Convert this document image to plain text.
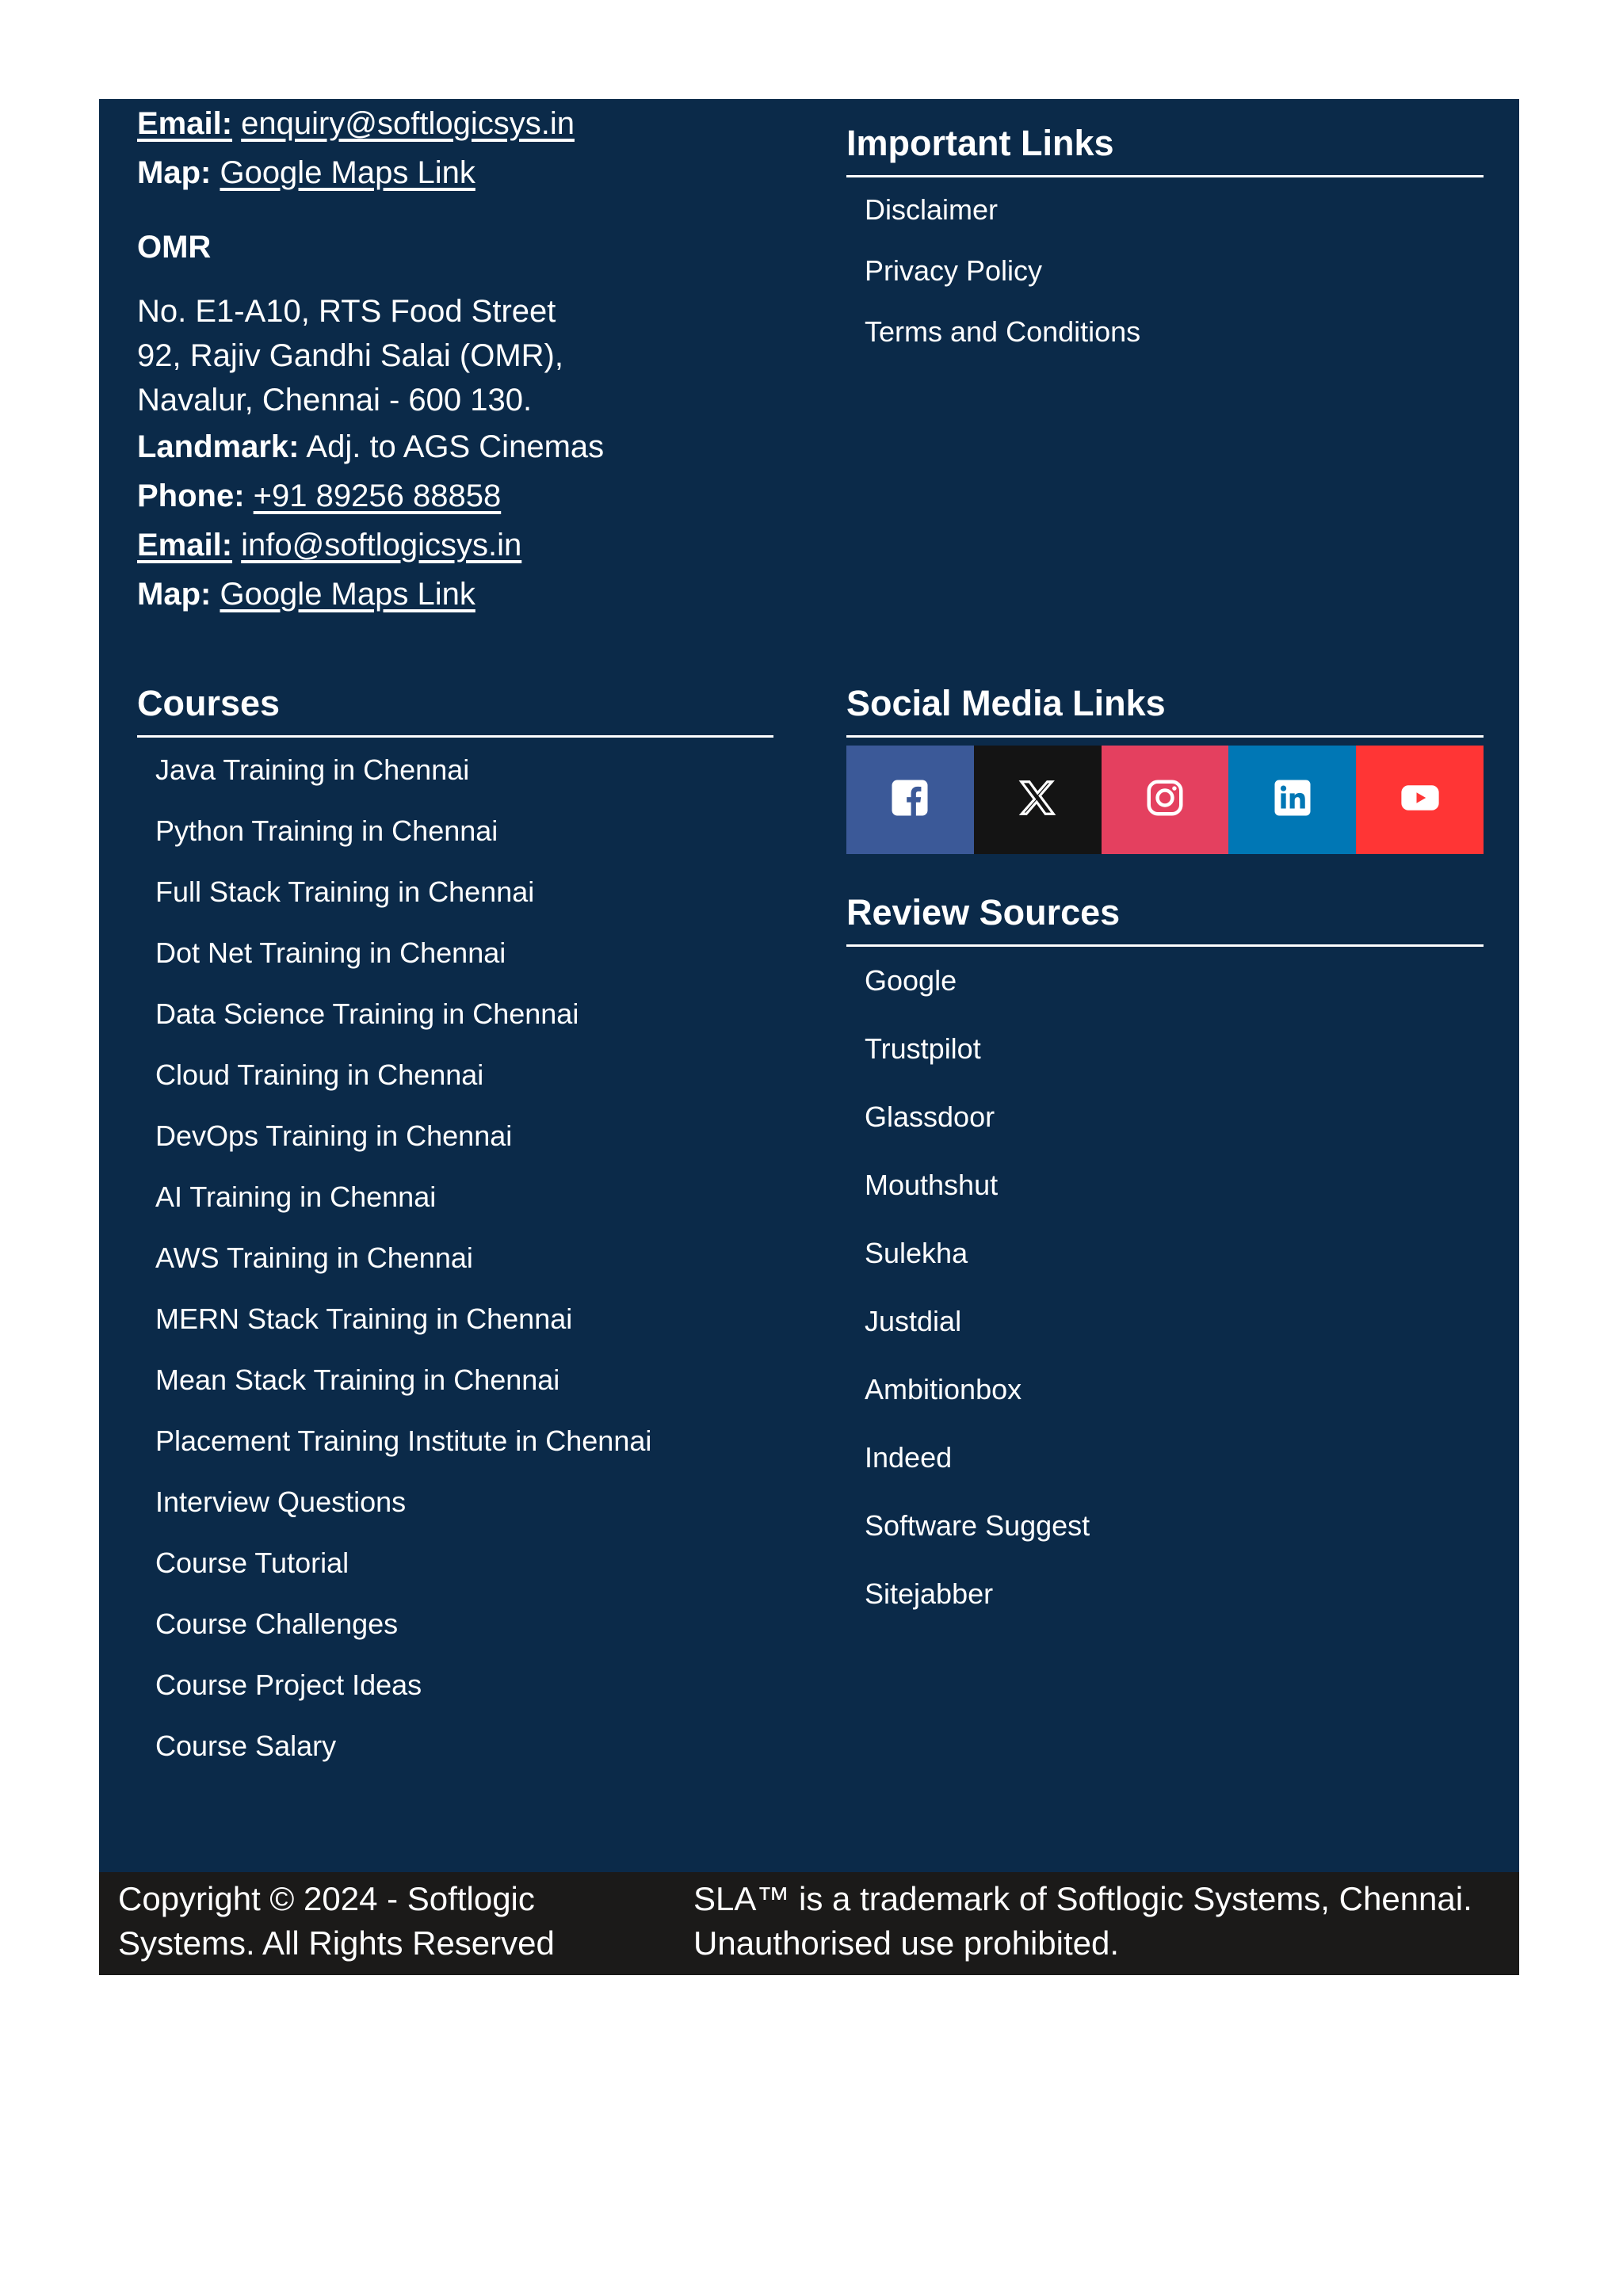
Email: enquiry@softlogicsys.in
Map: Google Maps Link
OMR
No. E1-A10, RTS Food Street
92, Rajiv Gandhi Salai (OMR),
Navalur, Chennai - 600 130.
Landmark: Adj. to AGS Cinemas
Phone: +91 89256 88858
Email: info@softlogicsys.in
Map: Google Maps Link
Courses
Java Training in Chennai
Python Training in Chennai
Full Stack Training in Chennai
Dot Net Training in Chennai
Data Science Training in Chennai
Cloud Training in Chennai
DevOps Training in Chennai
AI Training in Chennai
AWS Training in Chennai
MERN Stack Training in Chennai
Mean Stack Training in Chennai
Placement Training Institute in Chennai
Interview Questions
Course Tutorial
Course Challenges
Course Project Ideas
Course Salary
Important Links
Disclaimer
Privacy Policy
Terms and Conditions
Social Media Links
Review Sources
Google
Trustpilot
Glassdoor
Mouthshut
Sulekha
Justdial
Ambitionbox
Indeed
Software Suggest
Sitejabber
Copyright © 2024 - Softlogic
Systems. All Rights Reserved
SLA™ is a trademark of Softlogic Systems, Chennai.
Unauthorised use prohibited.
